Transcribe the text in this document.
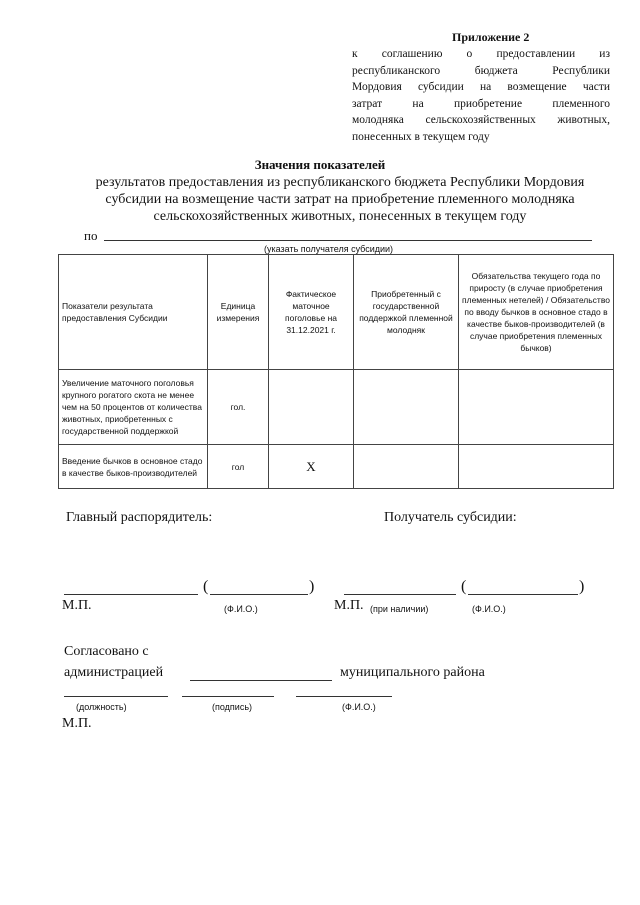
Приложение 2
к соглашению о предоставлении из
республиканского бюджета Республики
Мордовия субсидии на возмещение части
затрат на приобретение племенного
молодняка сельскохозяйственных животных,
понесенных в текущем году
Значения показателей
результатов предоставления из республиканского бюджета Республики Мордовия
субсидии на возмещение части затрат на приобретение племенного молодняка
сельскохозяйственных животных, понесенных в текущем году
по
(указать получателя субсидии)
Показатели результата предоставления Субсидии	Единица измерения	Фактическое маточное поголовье на 31.12.2021 г.	Приобретенный с государственной поддержкой племенной молодняк	Обязательства текущего года по приросту (в случае приобретения племенных нетелей) / Обязательство по вводу бычков в основное стадо в качестве быков-производителей (в случае приобретения племенных бычков)
Увеличение маточного поголовья крупного рогатого скота не менее чем на 50 процентов от количества животных, приобретенных с государственной поддержкой	гол.			
Введение бычков в основное стадо в качестве быков-производителей	гол	Х		
Главный распорядитель:	Получатель субсидии:
(	)	(	)
М.П.	(Ф.И.О.)	М.П. (при наличии)	(Ф.И.О.)
Согласовано с
администрацией	муниципального района
(должность)	(подпись)	(Ф.И.О.)
М.П.
